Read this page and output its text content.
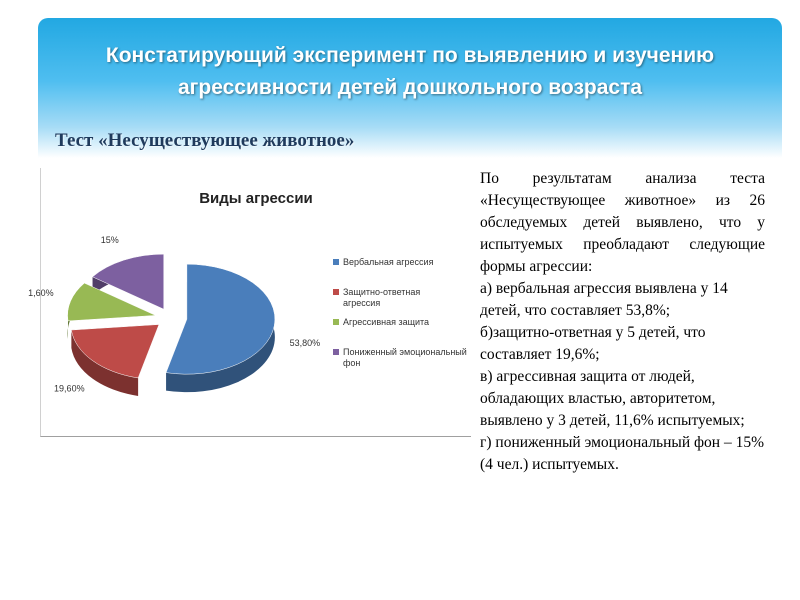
Констатирующий эксперимент по выявлению и изучению агрессивности детей дошкольного возраста
Тест «Несуществующее животное»
Виды агрессии
53,80%
19,60%
1,60%
15%
Вербальная агрессия
Защитно-ответная агрессия
Агрессивная защита
Пониженный эмоциональный фон

По результатам анализа теста «Несуществующее животное» из 26 обследуемых детей выявлено, что у испытуемых преобладают следующие формы агрессии:

а) вербальная агрессия выявлена у 14 детей, что составляет 53,8%;

б)защитно-ответная у 5 детей, что составляет 19,6%;

в) агрессивная защита от людей, обладающих властью, авторитетом, выявлено у 3 детей, 11,6% испытуемых;

г) пониженный эмоциональный фон – 15% (4 чел.) испытуемых.
